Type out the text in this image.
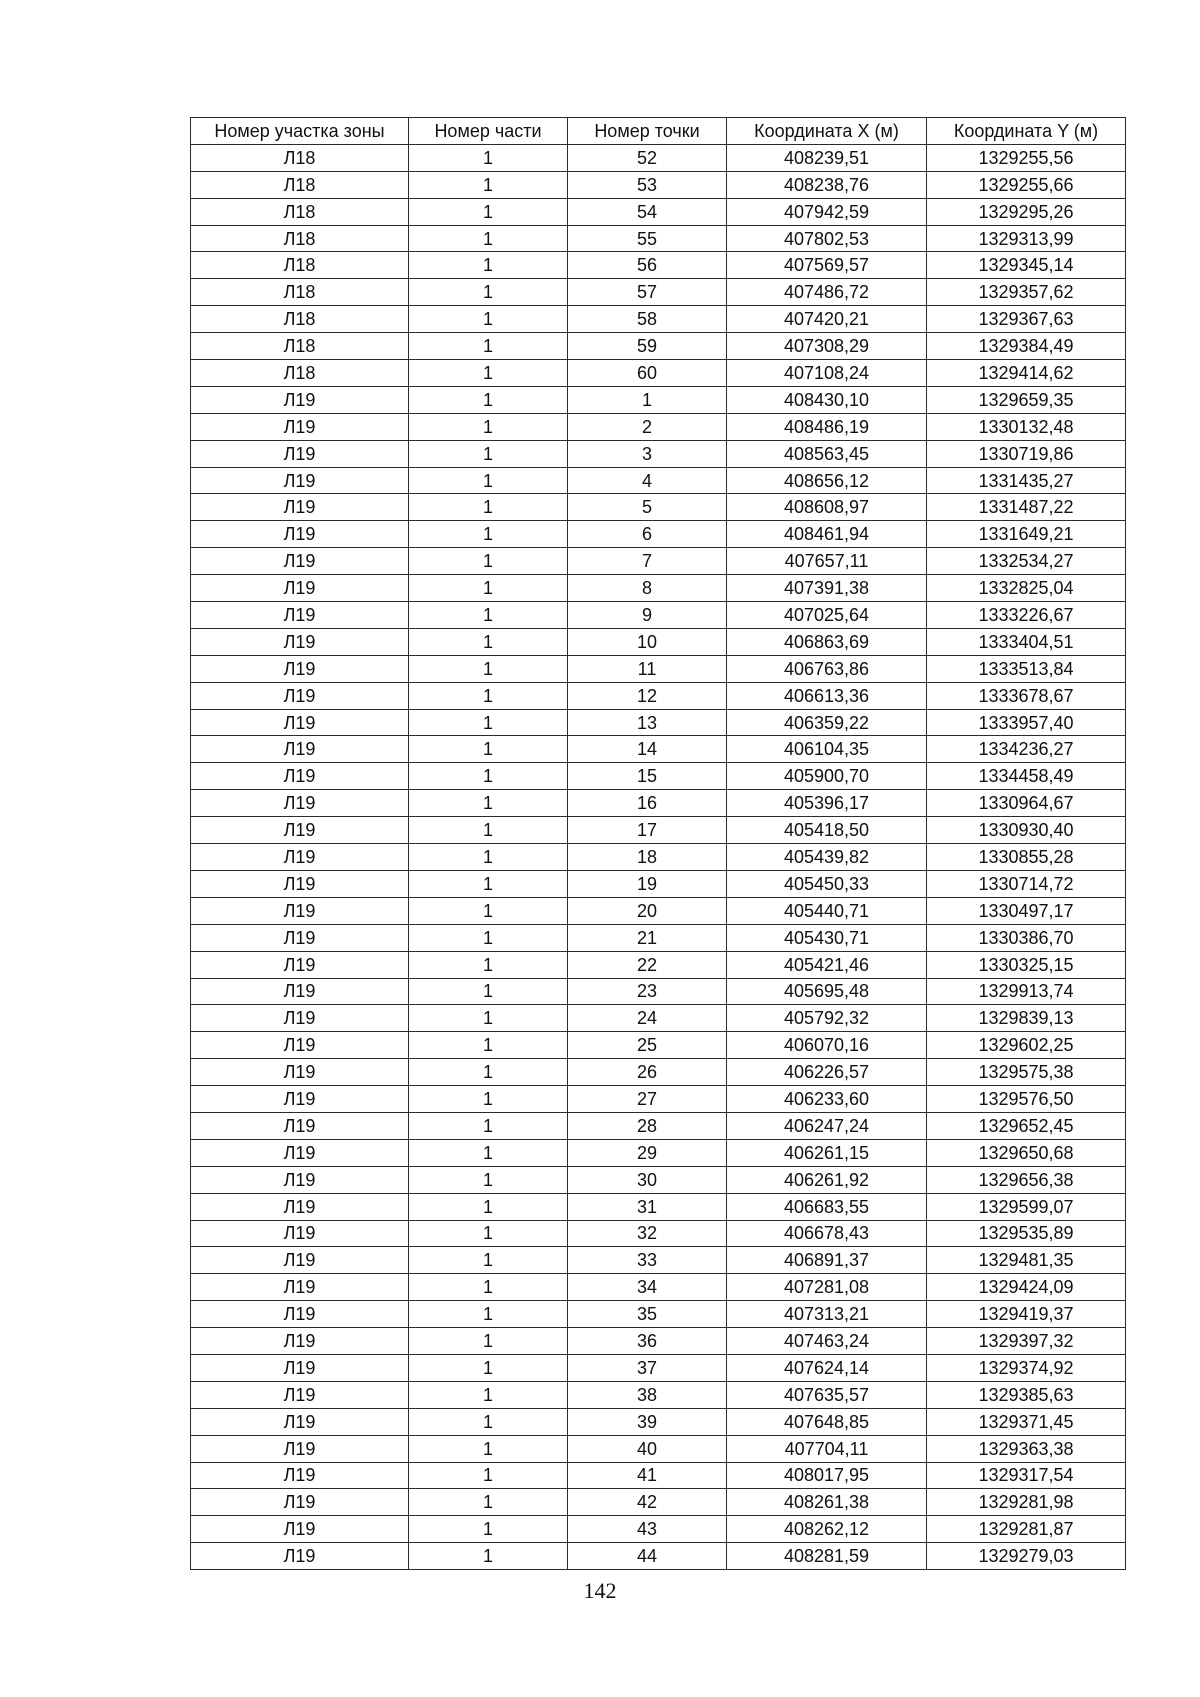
Номер участка зоны	Номер части	Номер точки	Координата X (м)	Координата Y (м)
Л18	1	52	408239,51	1329255,56
Л18	1	53	408238,76	1329255,66
Л18	1	54	407942,59	1329295,26
Л18	1	55	407802,53	1329313,99
Л18	1	56	407569,57	1329345,14
Л18	1	57	407486,72	1329357,62
Л18	1	58	407420,21	1329367,63
Л18	1	59	407308,29	1329384,49
Л18	1	60	407108,24	1329414,62
Л19	1	1	408430,10	1329659,35
Л19	1	2	408486,19	1330132,48
Л19	1	3	408563,45	1330719,86
Л19	1	4	408656,12	1331435,27
Л19	1	5	408608,97	1331487,22
Л19	1	6	408461,94	1331649,21
Л19	1	7	407657,11	1332534,27
Л19	1	8	407391,38	1332825,04
Л19	1	9	407025,64	1333226,67
Л19	1	10	406863,69	1333404,51
Л19	1	11	406763,86	1333513,84
Л19	1	12	406613,36	1333678,67
Л19	1	13	406359,22	1333957,40
Л19	1	14	406104,35	1334236,27
Л19	1	15	405900,70	1334458,49
Л19	1	16	405396,17	1330964,67
Л19	1	17	405418,50	1330930,40
Л19	1	18	405439,82	1330855,28
Л19	1	19	405450,33	1330714,72
Л19	1	20	405440,71	1330497,17
Л19	1	21	405430,71	1330386,70
Л19	1	22	405421,46	1330325,15
Л19	1	23	405695,48	1329913,74
Л19	1	24	405792,32	1329839,13
Л19	1	25	406070,16	1329602,25
Л19	1	26	406226,57	1329575,38
Л19	1	27	406233,60	1329576,50
Л19	1	28	406247,24	1329652,45
Л19	1	29	406261,15	1329650,68
Л19	1	30	406261,92	1329656,38
Л19	1	31	406683,55	1329599,07
Л19	1	32	406678,43	1329535,89
Л19	1	33	406891,37	1329481,35
Л19	1	34	407281,08	1329424,09
Л19	1	35	407313,21	1329419,37
Л19	1	36	407463,24	1329397,32
Л19	1	37	407624,14	1329374,92
Л19	1	38	407635,57	1329385,63
Л19	1	39	407648,85	1329371,45
Л19	1	40	407704,11	1329363,38
Л19	1	41	408017,95	1329317,54
Л19	1	42	408261,38	1329281,98
Л19	1	43	408262,12	1329281,87
Л19	1	44	408281,59	1329279,03
142
